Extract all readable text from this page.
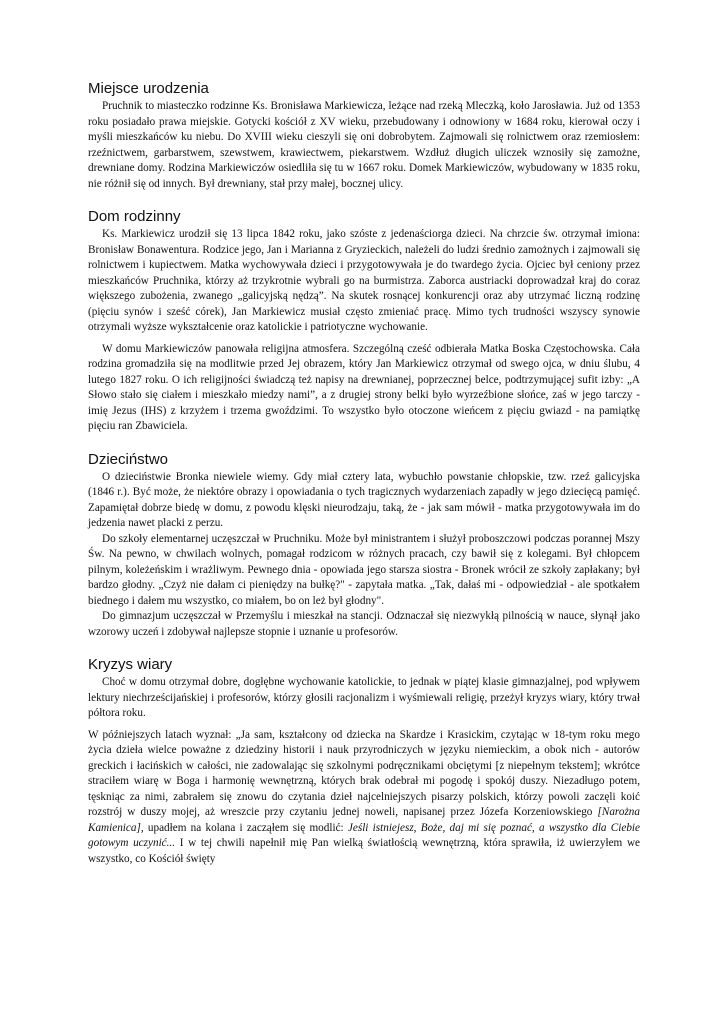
Miejsce urodzenia

Pruchnik to miasteczko rodzinne Ks. Bronisława Markiewicza, leżące nad rzeką Mleczką, koło Jarosławia. Już od 1353 roku posiadało prawa miejskie. Gotycki kościół z XV wieku, przebudowany i odnowiony w 1684 roku, kierował oczy i myśli mieszkańców ku niebu. Do XVIII wieku cieszyli się oni dobrobytem. Zajmowali się rolnictwem oraz rzemiosłem: rzeźnictwem, garbarstwem, szewstwem, krawiectwem, piekarstwem. Wzdłuż długich uliczek wznosiły się zamożne, drewniane domy. Rodzina Markiewiczów osiedliła się tu w 1667 roku. Domek Markiewiczów, wybudowany w 1835 roku, nie różnił się od innych. Był drewniany, stał przy małej, bocznej ulicy.

Dom rodzinny

Ks. Markiewicz urodził się 13 lipca 1842 roku, jako szóste z jedenaściorga dzieci. Na chrzcie św. otrzymał imiona: Bronisław Bonawentura. Rodzice jego, Jan i Marianna z Gryzieckich, należeli do ludzi średnio zamożnych i zajmowali się rolnictwem i kupiectwem. Matka wychowywała dzieci i przygotowywała je do twardego życia. Ojciec był ceniony przez mieszkańców Pruchnika, którzy aż trzykrotnie wybrali go na burmistrza. Zaborca austriacki doprowadzał kraj do coraz większego zubożenia, zwanego „galicyjską nędzą”. Na skutek rosnącej konkurencji oraz aby utrzymać liczną rodzinę (pięciu synów i sześć córek), Jan Markiewicz musiał często zmieniać pracę. Mimo tych trudności wszyscy synowie otrzymali wyższe wykształcenie oraz katolickie i patriotyczne wychowanie.

W domu Markiewiczów panowała religijna atmosfera. Szczególną cześć odbierała Matka Boska Częstochowska. Cała rodzina gromadziła się na modlitwie przed Jej obrazem, który Jan Markiewicz otrzymał od swego ojca, w dniu ślubu, 4 lutego 1827 roku. O ich religijności świadczą też napisy na drewnianej, poprzecznej belce, podtrzymującej sufit izby: „A Słowo stało się ciałem i mieszkało miedzy nami”, a z drugiej strony belki było wyrzeźbione słońce, zaś w jego tarczy - imię Jezus (IHS) z krzyżem i trzema gwoździmi. To wszystko było otoczone wieńcem z pięciu gwiazd - na pamiątkę pięciu ran Zbawiciela.

Dzieciństwo

O dzieciństwie Bronka niewiele wiemy. Gdy miał cztery lata, wybuchło powstanie chłopskie, tzw. rzeź galicyjska (1846 r.). Być może, że niektóre obrazy i opowiadania o tych tragicznych wydarzeniach zapadły w jego dziecięcą pamięć. Zapamiętał dobrze biedę w domu, z powodu klęski nieurodzaju, taką, że - jak sam mówił - matka przygotowywała im do jedzenia nawet placki z perzu.

Do szkoły elementarnej uczęszczał w Pruchniku. Może był ministrantem i służył proboszczowi podczas porannej Mszy Św. Na pewno, w chwilach wolnych, pomagał rodzicom w różnych pracach, czy bawił się z kolegami. Był chłopcem pilnym, koleżeńskim i wrażliwym. Pewnego dnia - opowiada jego starsza siostra - Bronek wrócił ze szkoły zapłakany; był bardzo głodny. „Czyż nie dałam ci pieniędzy na bułkę?" - zapytała matka. „Tak, dałaś mi - odpowiedział - ale spotkałem biednego i dałem mu wszystko, co miałem, bo on leż był głodny".

Do gimnazjum uczęszczał w Przemyślu i mieszkał na stancji. Odznaczał się niezwykłą pilnością w nauce, słynął jako wzorowy uczeń i zdobywał najlepsze stopnie i uznanie u profesorów.

Kryzys wiary

Choć w domu otrzymał dobre, dogłębne wychowanie katolickie, to jednak w piątej klasie gimnazjalnej, pod wpływem lektury niechrześcijańskiej i profesorów, którzy głosili racjonalizm i wyśmiewali religię, przeżył kryzys wiary, który trwał półtora roku.

W późniejszych latach wyznał: „Ja sam, kształcony od dziecka na Skardze i Krasickim, czytając w 18-tym roku mego życia dzieła wielce poważne z dziedziny historii i nauk przyrodniczych w języku niemieckim, a obok nich - autorów greckich i łacińskich w całości, nie zadowalając się szkolnymi podręcznikami obciętymi [z niepełnym tekstem]; wkrótce straciłem wiarę w Boga i harmonię wewnętrzną, których brak odebrał mi pogodę i spokój duszy. Niezadługo potem, tęskniąc za nimi, zabrałem się znowu do czytania dzieł najcelniejszych pisarzy polskich, którzy powoli zaczęli koić rozstrój w duszy mojej, aż wreszcie przy czytaniu jednej noweli, napisanej przez Józefa Korzeniowskiego [Narożna Kamienica], upadłem na kolana i zacząłem się modlić: Jeśli istniejesz, Boże, daj mi się poznać, a wszystko dla Ciebie gotowym uczynić... I w tej chwili napełnił mię Pan wielką światłością wewnętrzną, która sprawiła, iż uwierzyłem we wszystko, co Kościół święty
